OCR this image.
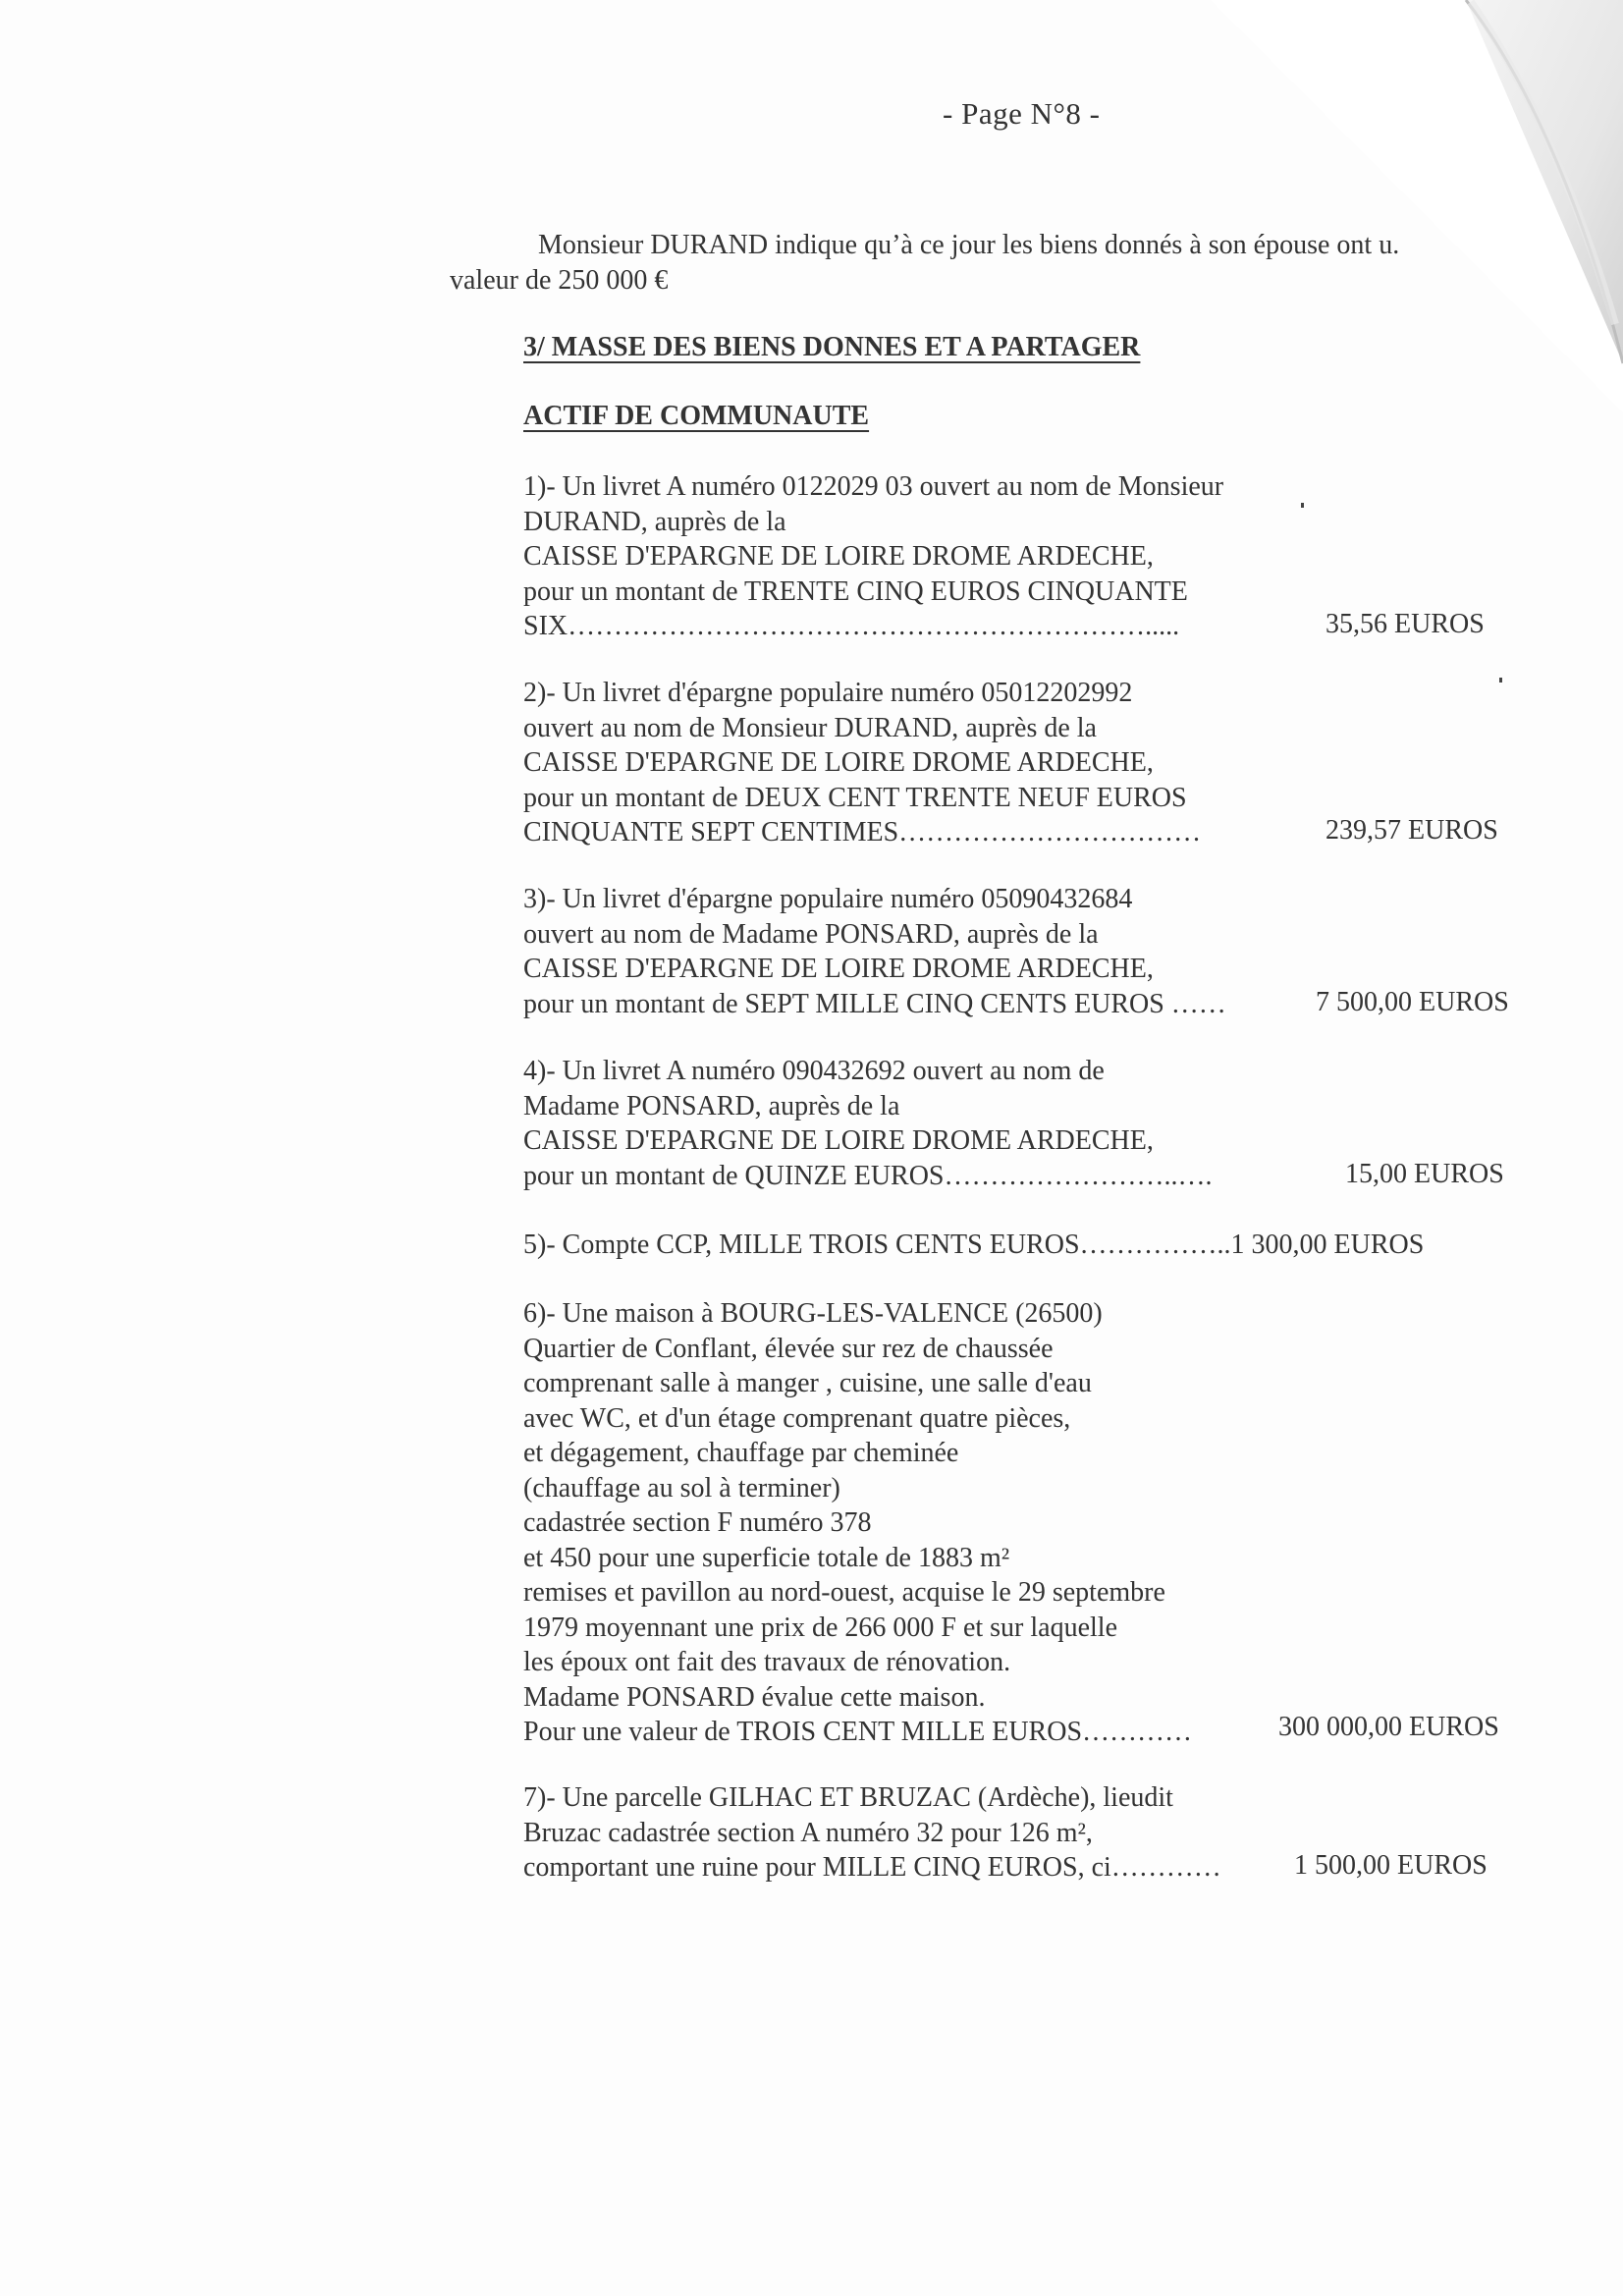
- Page N°8 -
Monsieur DURAND indique qu’à ce jour les biens donnés à son épouse ont u.
valeur de 250 000 €
3/ MASSE DES BIENS DONNES ET A PARTAGER
ACTIF DE COMMUNAUTE
1)- Un livret A numéro 0122029 03 ouvert au nom de Monsieur
DURAND, auprès de la
CAISSE D'EPARGNE DE LOIRE DROME ARDECHE,
pour un montant de TRENTE CINQ EUROS CINQUANTE
SIX……………………………………………………….....	35,56 EUROS
2)- Un livret d'épargne populaire numéro 05012202992
ouvert au nom de Monsieur DURAND, auprès de la
CAISSE D'EPARGNE DE LOIRE DROME ARDECHE,
pour un montant de DEUX CENT TRENTE NEUF EUROS
CINQUANTE SEPT CENTIMES……………………………	239,57 EUROS
3)- Un livret d'épargne populaire numéro 05090432684
ouvert au nom de Madame PONSARD, auprès de la
CAISSE D'EPARGNE DE LOIRE DROME ARDECHE,
pour un montant de SEPT MILLE CINQ CENTS EUROS ……	7 500,00 EUROS
4)- Un livret A numéro 090432692 ouvert au nom de
Madame PONSARD, auprès de la
CAISSE D'EPARGNE DE LOIRE DROME ARDECHE,
pour un montant de QUINZE EUROS……………………..….	15,00 EUROS
5)- Compte CCP, MILLE TROIS CENTS EUROS……………..1 300,00 EUROS
6)- Une maison à BOURG-LES-VALENCE (26500)
Quartier de Conflant, élevée sur rez de chaussée
comprenant salle à manger , cuisine, une salle d'eau
avec WC, et d'un étage comprenant quatre pièces,
et dégagement, chauffage par cheminée
(chauffage au sol à terminer)
cadastrée section F numéro 378
et 450 pour une superficie totale de 1883 m²
remises et pavillon au nord-ouest, acquise le 29 septembre
1979 moyennant une prix de 266 000 F et sur laquelle
les époux ont fait des travaux de rénovation.
Madame PONSARD évalue cette maison.
Pour une valeur de TROIS CENT MILLE EUROS…………	300 000,00 EUROS
7)- Une parcelle GILHAC ET BRUZAC (Ardèche), lieudit
Bruzac cadastrée section A numéro 32 pour 126 m²,
comportant une ruine pour MILLE CINQ EUROS, ci…………	1 500,00 EUROS
